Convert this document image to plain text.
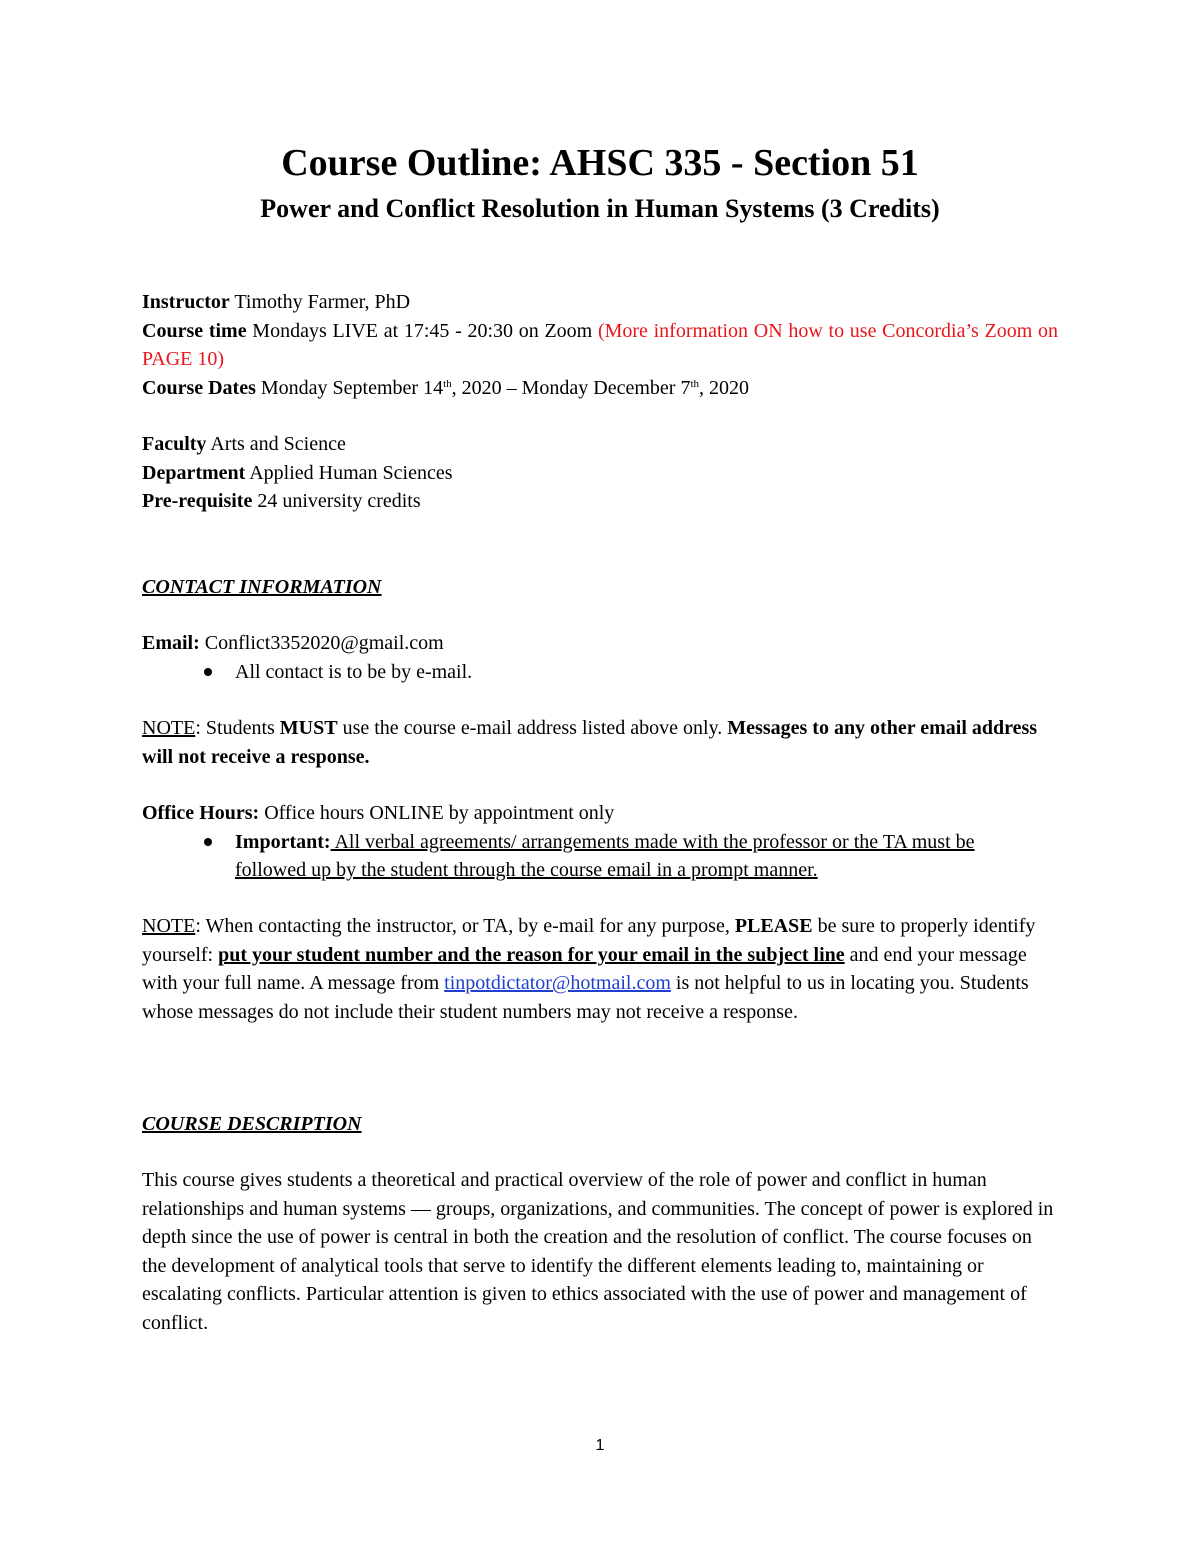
Course Outline: AHSC 335 - Section 51
Power and Conflict Resolution in Human Systems (3 Credits)
Instructor Timothy Farmer, PhD
Course time Mondays LIVE at 17:45 - 20:30 on Zoom (More information ON how to use Concordia’s Zoom on PAGE 10)
Course Dates Monday September 14th, 2020 – Monday December 7th, 2020
Faculty Arts and Science
Department Applied Human Sciences
Pre-requisite 24 university credits
CONTACT INFORMATION
Email: Conflict3352020@gmail.com
All contact is to be by e-mail.
NOTE: Students MUST use the course e-mail address listed above only. Messages to any other email address will not receive a response.
Office Hours: Office hours ONLINE by appointment only
Important: All verbal agreements/ arrangements made with the professor or the TA must be followed up by the student through the course email in a prompt manner.
NOTE: When contacting the instructor, or TA, by e-mail for any purpose, PLEASE be sure to properly identify yourself: put your student number and the reason for your email in the subject line and end your message with your full name. A message from tinpotdictator@hotmail.com is not helpful to us in locating you. Students whose messages do not include their student numbers may not receive a response.
COURSE DESCRIPTION
This course gives students a theoretical and practical overview of the role of power and conflict in human relationships and human systems — groups, organizations, and communities. The concept of power is explored in depth since the use of power is central in both the creation and the resolution of conflict. The course focuses on the development of analytical tools that serve to identify the different elements leading to, maintaining or escalating conflicts. Particular attention is given to ethics associated with the use of power and management of conflict.
1
